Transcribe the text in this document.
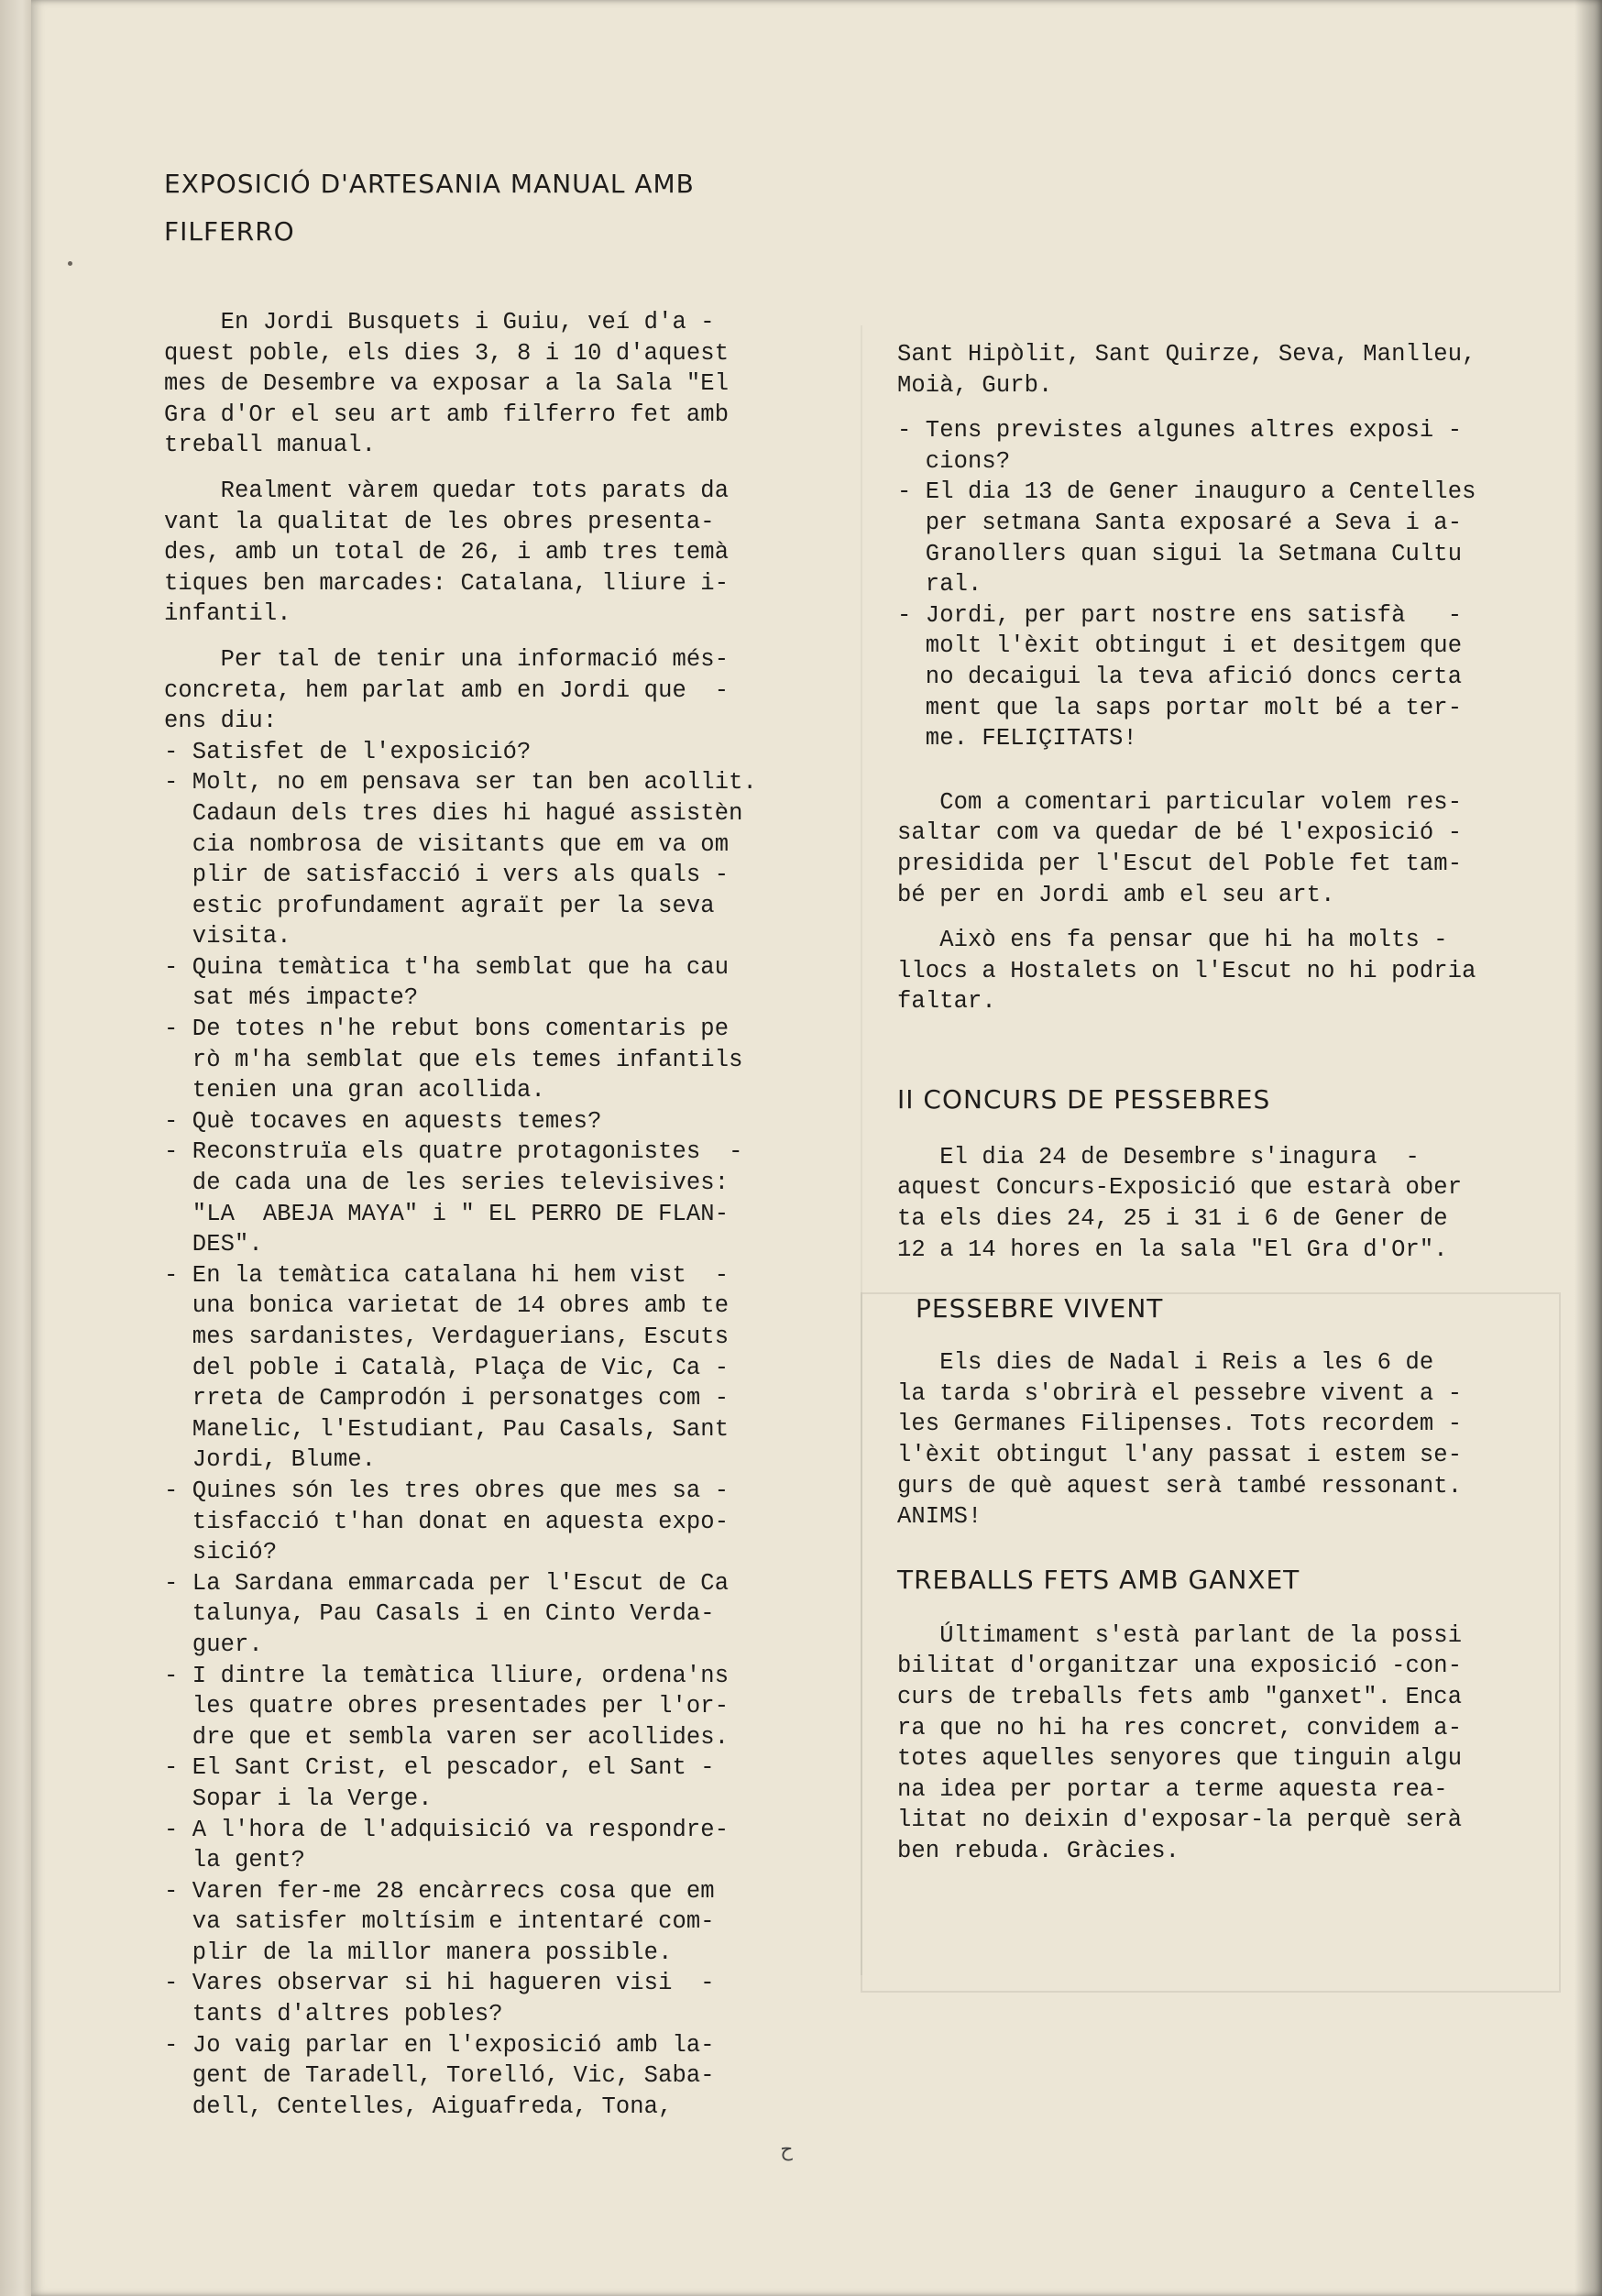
EXPOSICIÓ D'ARTESANIA MANUAL AMB

FILFERRO

En Jordi Busquets i Guiu, veí d'a -

quest poble, els dies 3, 8 i 10 d'aquest

mes de Desembre va exposar a la Sala "El

Gra d'Or el seu art amb filferro fet amb

treball manual.

Realment vàrem quedar tots parats da

vant la qualitat de les obres presenta-

des, amb un total de 26, i amb tres temà

tiques ben marcades: Catalana, lliure i-

infantil.

Per tal de tenir una informació més-

concreta, hem parlat amb en Jordi que  -

ens diu:

- Satisfet de l'exposició?

- Molt, no em pensava ser tan ben acollit.

Cadaun dels tres dies hi hagué assistèn

cia nombrosa de visitants que em va om

plir de satisfacció i vers als quals -

estic profundament agraït per la seva

visita.

- Quina temàtica t'ha semblat que ha cau

sat més impacte?

- De totes n'he rebut bons comentaris pe

rò m'ha semblat que els temes infantils

tenien una gran acollida.

- Què tocaves en aquests temes?

- Reconstruïa els quatre protagonistes  -

de cada una de les series televisives:

"LA  ABEJA MAYA" i " EL PERRO DE FLAN-

DES".

- En la temàtica catalana hi hem vist  -

una bonica varietat de 14 obres amb te

mes sardanistes, Verdaguerians, Escuts

del poble i Català, Plaça de Vic, Ca -

rreta de Camprodón i personatges com -

Manelic, l'Estudiant, Pau Casals, Sant

Jordi, Blume.

- Quines són les tres obres que mes sa -

tisfacció t'han donat en aquesta expo-

sició?

- La Sardana emmarcada per l'Escut de Ca

talunya, Pau Casals i en Cinto Verda-

guer.

- I dintre la temàtica lliure, ordena'ns

les quatre obres presentades per l'or-

dre que et sembla varen ser acollides.

- El Sant Crist, el pescador, el Sant -

Sopar i la Verge.

- A l'hora de l'adquisició va respondre-

la gent?

- Varen fer-me 28 encàrrecs cosa que em

va satisfer moltísim e intentaré com-

plir de la millor manera possible.

- Vares observar si hi hagueren visi  -

tants d'altres pobles?

- Jo vaig parlar en l'exposició amb la-

gent de Taradell, Torelló, Vic, Saba-

dell, Centelles, Aiguafreda, Tona,

Sant Hipòlit, Sant Quirze, Seva, Manlleu,

Moià, Gurb.

- Tens previstes algunes altres exposi -

cions?

- El dia 13 de Gener inauguro a Centelles

per setmana Santa exposaré a Seva i a-

Granollers quan sigui la Setmana Cultu

ral.

- Jordi, per part nostre ens satisfà   -

molt l'èxit obtingut i et desitgem que

no decaigui la teva afició doncs certa

ment que la saps portar molt bé a ter-

me. FELIÇITATS!

Com a comentari particular volem res-

saltar com va quedar de bé l'exposició -

presidida per l'Escut del Poble fet tam-

bé per en Jordi amb el seu art.

Això ens fa pensar que hi ha molts -

llocs a Hostalets on l'Escut no hi podria

faltar.

II CONCURS DE PESSEBRES

El dia 24 de Desembre s'inagura  -

aquest Concurs-Exposició que estarà ober

ta els dies 24, 25 i 31 i 6 de Gener de

12 a 14 hores en la sala "El Gra d'Or".

PESSEBRE VIVENT

Els dies de Nadal i Reis a les 6 de

la tarda s'obrirà el pessebre vivent a -

les Germanes Filipenses. Tots recordem -

l'èxit obtingut l'any passat i estem se-

gurs de què aquest serà també ressonant.

ANIMS!

TREBALLS FETS AMB GANXET

Últimament s'està parlant de la possi

bilitat d'organitzar una exposició -con-

curs de treballs fets amb "ganxet". Enca

ra que no hi ha res concret, convidem a-

totes aquelles senyores que tinguin algu

na idea per portar a terme aquesta rea-

litat no deixin d'exposar-la perquè serà

ben rebuda. Gràcies.

ح
